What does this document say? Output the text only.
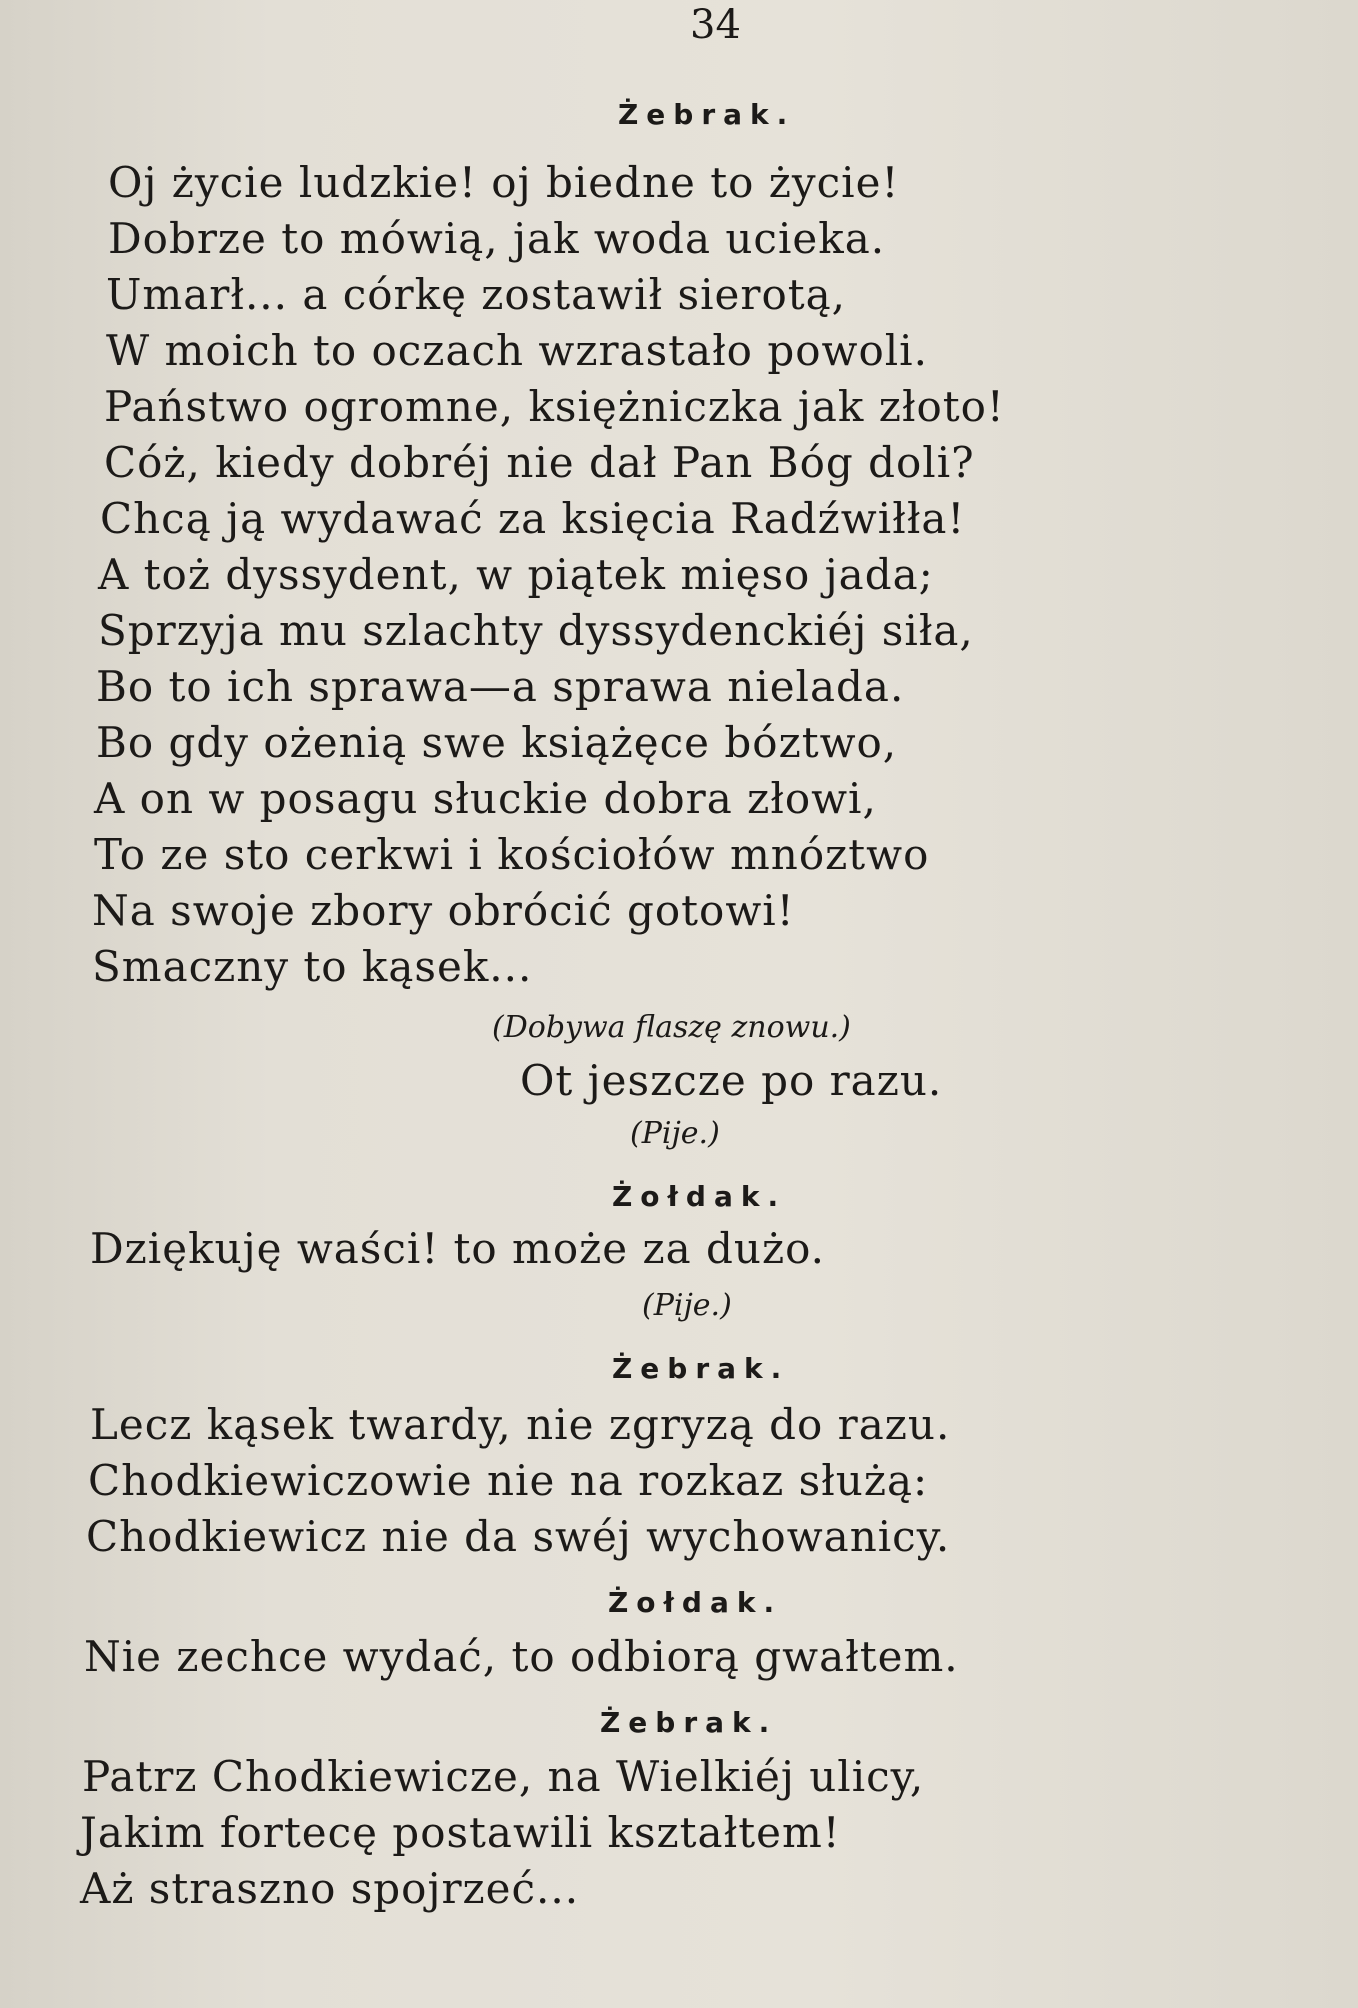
34
Żebrak.
Oj życie ludzkie! oj biedne to życie!
Dobrze to mówią, jak woda ucieka.
Umarł... a córkę zostawił sierotą,
W moich to oczach wzrastało powoli.
Państwo ogromne, księżniczka jak złoto!
Cóż, kiedy dobréj nie dał Pan Bóg doli?
Chcą ją wydawać za księcia Radźwiłła!
A toż dyssydent, w piątek mięso jada;
Sprzyja mu szlachty dyssydenckiéj siła,
Bo to ich sprawa—a sprawa nielada.
Bo gdy ożenią swe książęce bóztwo,
A on w posagu słuckie dobra złowi,
To ze sto cerkwi i kościołów mnóztwo
Na swoje zbory obrócić gotowi!
Smaczny to kąsek...
(Dobywa flaszę znowu.)
Ot jeszcze po razu.
(Pije.)
Żołdak.
Dziękuję waści! to może za dużo.
(Pije.)
Żebrak.
Lecz kąsek twardy, nie zgryzą do razu.
Chodkiewiczowie nie na rozkaz służą:
Chodkiewicz nie da swéj wychowanicy.
Żołdak.
Nie zechce wydać, to odbiorą gwałtem.
Żebrak.
Patrz Chodkiewicze, na Wielkiéj ulicy,
Jakim fortecę postawili kształtem!
Aż straszno spojrzeć...
